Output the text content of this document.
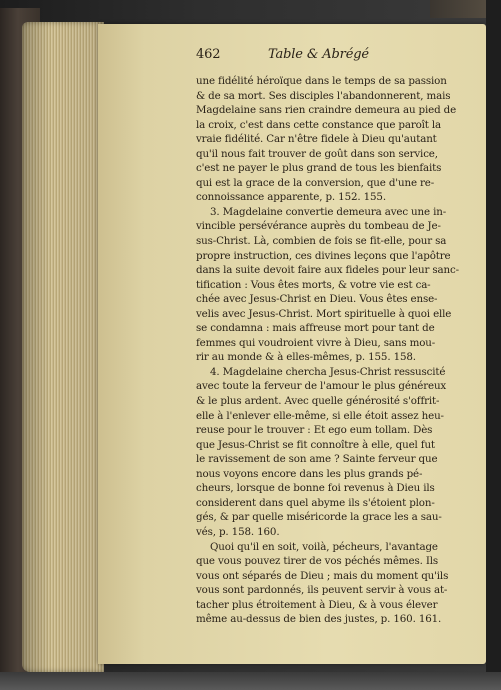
462	Table & Abrégé
une fidélité héroïque dans le temps de sa passion
& de sa mort. Ses disciples l'abandonnerent, mais
Magdelaine sans rien craindre demeura au pied de
la croix, c'est dans cette constance que paroît la
vraie fidélité. Car n'être fidele à Dieu qu'autant
qu'il nous fait trouver de goût dans son service,
c'est ne payer le plus grand de tous les bienfaits
qui est la grace de la conversion, que d'une re-
connoissance apparente, p. 152. 155.
3. Magdelaine convertie demeura avec une in-
vincible persévérance auprès du tombeau de Je-
sus-Christ. Là, combien de fois se fit-elle, pour sa
propre instruction, ces divines leçons que l'apôtre
dans la suite devoit faire aux fideles pour leur sanc-
tification : Vous êtes morts, & votre vie est ca-
chée avec Jesus-Christ en Dieu. Vous êtes ense-
velis avec Jesus-Christ. Mort spirituelle à quoi elle
se condamna : mais affreuse mort pour tant de
femmes qui voudroient vivre à Dieu, sans mou-
rir au monde & à elles-mêmes, p. 155. 158.
4. Magdelaine chercha Jesus-Christ ressuscité
avec toute la ferveur de l'amour le plus généreux
& le plus ardent. Avec quelle générosité s'offrit-
elle à l'enlever elle-même, si elle étoit assez heu-
reuse pour le trouver : Et ego eum tollam. Dès
que Jesus-Christ se fit connoître à elle, quel fut
le ravissement de son ame ? Sainte ferveur que
nous voyons encore dans les plus grands pé-
cheurs, lorsque de bonne foi revenus à Dieu ils
considerent dans quel abyme ils s'étoient plon-
gés, & par quelle miséricorde la grace les a sau-
vés, p. 158. 160.
Quoi qu'il en soit, voilà, pécheurs, l'avantage
que vous pouvez tirer de vos péchés mêmes. Ils
vous ont séparés de Dieu ; mais du moment qu'ils
vous sont pardonnés, ils peuvent servir à vous at-
tacher plus étroitement à Dieu, & à vous élever
même au-dessus de bien des justes, p. 160. 161.
